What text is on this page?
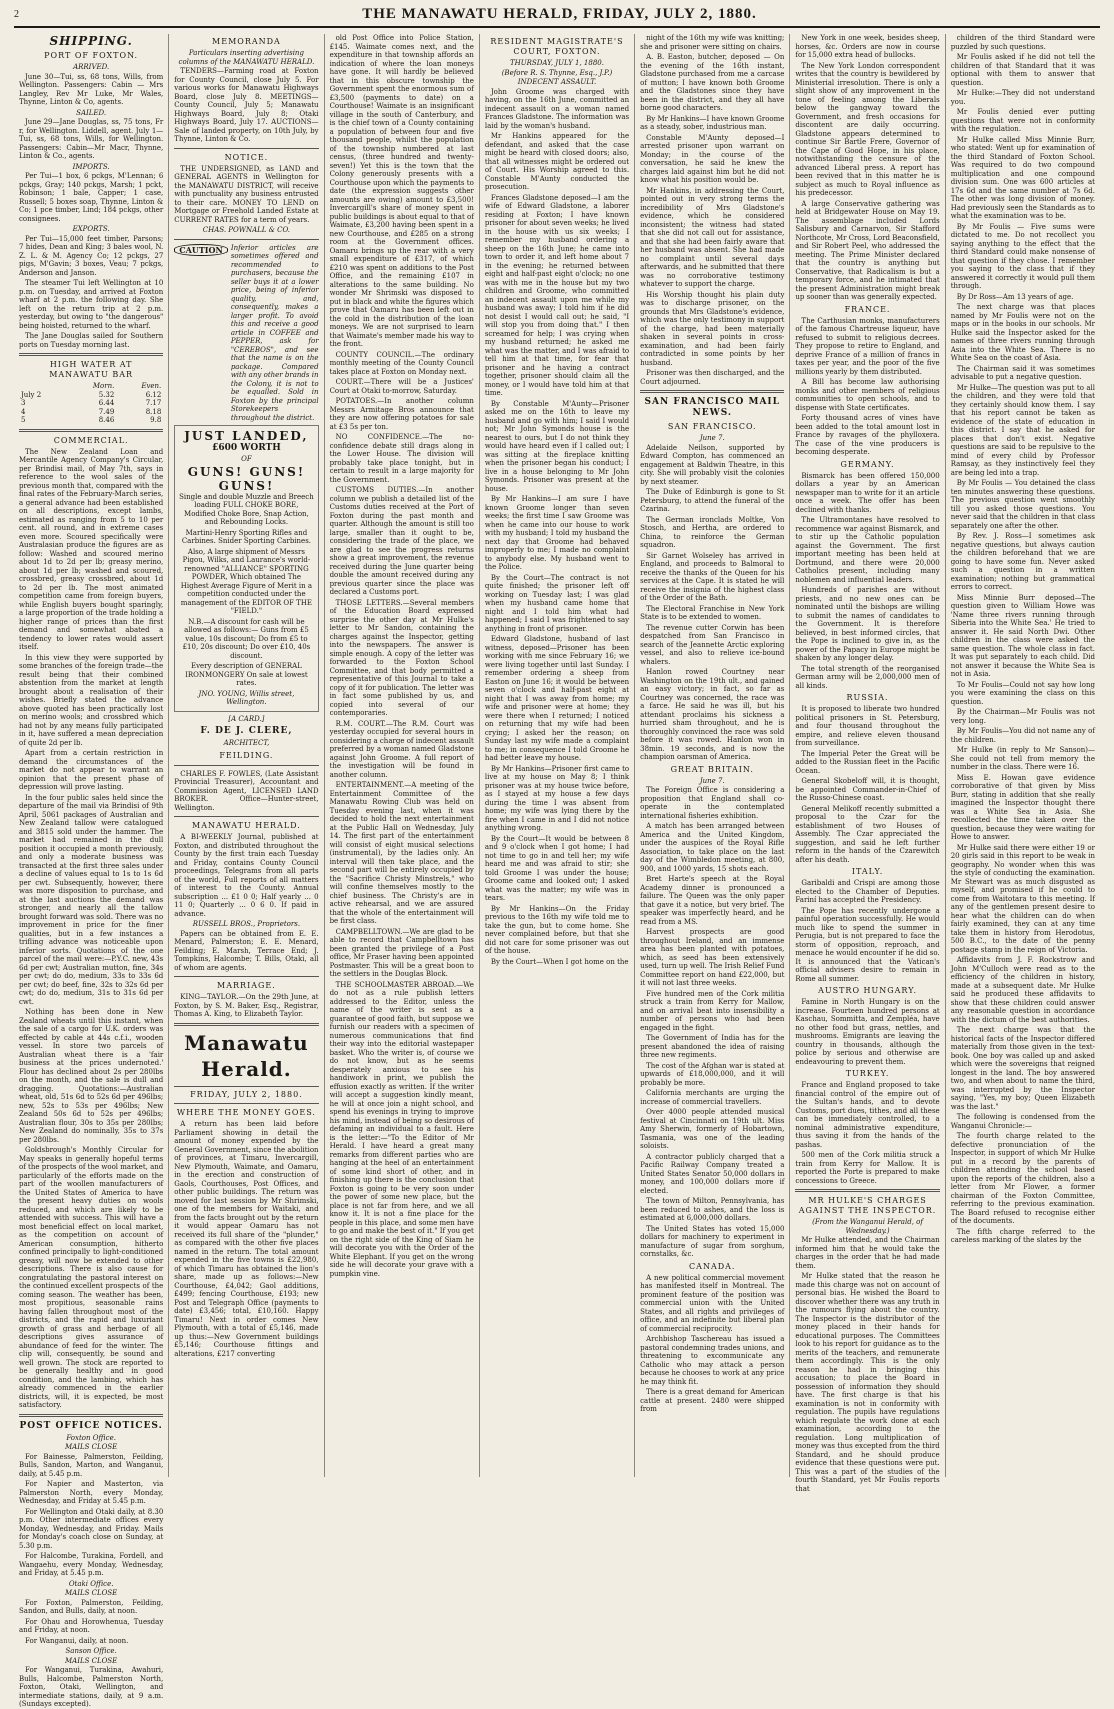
2	THE MANAWATU HERALD, FRIDAY, JULY 2, 1880.
SHIPPING.
PORT OF FOXTON.
ARRIVED.

June 30—Tui, ss, 68 tons, Wills, from Wellington. Passengers: Cabin — Mrs Langley, Rev Mr Luke, Mr Wales, Thynne, Linton & Co, agents.

SAILED.

June 29—Jane Douglas, ss, 75 tons, Fr r, for Wellington. Liddell, agent. July 1—Tui, ss, 68 tons, Wills, for Wellington. Passengers: Cabin—Mr Macr, Thynne, Linton & Co., agents.

IMPORTS.

Per Tui—1 box, 6 pckgs, M'Lennan; 6 pckgs, Gray; 140 pckgs, Marsh; 1 pckt, Robinson; 1 bale, Capper; 1 case, Russell; 5 boxes soap, Thynne, Linton & Co; 1 pce timber, Lind; 184 pckgs, other consignees.

EXPORTS.

Per Tui—15,000 feet timber, Parsons; 7 hides, Dean and King; 3 bales wool, N. Z. L. & M. Agency Co; 12 pckgs, 27 pigs, M'Gavin; 3 boxes, Veau; 7 pckgs, Anderson and Janson.

The steamer Tui left Wellington at 10 p.m. on Tuesday, and arrived at Foxton wharf at 2 p.m. the following day. She left on the return trip at 2 p.m. yesterday, but owing to "the dangerous" being hoisted, returned to the wharf.

The Jane Douglas sailed for Southern ports on Tuesday morning last.

HIGH WATER AT MANAWATU BAR
	Morn.	Even.
July 2	5.32	6.12
3	6.44	7.17
4	7.49	8.18
5	8.46	9.8
COMMERCIAL.

The New Zealand Loan and Mercantile Agency Company's Circular, per Brindisi mail, of May 7th, says in reference to the wool sales of the previous month that, compared with the final rates of the February-March series, a general advance had been established on all descriptions, except lambs, estimated as ranging from 5 to 10 per cent. all round, and in extreme cases even more. Scoured specifically were Australasian produce the figures are as follow: Washed and scoured merino about 1d to 2d per lb; greasy merino, about 1d per lb; washed and scoured, crossbred, greasy crossbred, about 1d to 2d per lb. The most animated competition came from foreign buyers, while English buyers bought sparingly, a large proportion of the trade holding a higher range of prices than the first demand and somewhat abated a tendency to lower rates would assert itself.

In this view they were supported by some branches of the foreign trade—the result being that their combined abstention from the market at length brought about a realisation of their wishes. Briefly stated the advance above quoted has been practically lost on merino wools; and crossbred which had not by any means fully participated in it, have suffered a mean depreciation of quite 2d per lb.

Apart from a certain restriction in demand the circumstances of the market do not appear to warrant an opinion that the present phase of depression will prove lasting.

In the four public sales held since the departure of the mail via Brindisi of 9th April, 5061 packages of Australian and New Zealand tallow were catalogued and 3815 sold under the hammer. The market had remained in the dull position it occupied a month previously, and only a moderate business was transacted at the first three sales under a decline of values equal to 1s to 1s 6d per cwt. Subsequently, however, there was more disposition to purchase, and at the last auctions the demand was stronger, and nearly all the tallow brought forward was sold. There was no improvement in price for the finer qualities, but in a few instances a trifling advance was noticeable upon inferior sorts. Quotations of the one parcel of the mail were:—P.Y.C. new, 43s 6d per cwt; Australian mutton, fine, 34s per cwt; do do, medium, 33s to 33s 6d per cwt; do beef, fine, 32s to 32s 6d per cwt; do do, medium, 31s to 31s 6d per cwt.

Nothing has been done in New Zealand wheats until this instant, when the sale of a cargo for U.K. orders was effected by cable at 44s c.f.i., wooden vessel. In store two parcels of Australian wheat there is a 'fair business at the prices undernoted.' Flour has declined about 2s per 280lbs on the month, and the sale is dull and dragging. Quotations:—Australian wheat, old, 51s 6d to 52s 6d per 496lbs; new, 52s to 53s per 496lbs; New Zealand 50s 6d to 52s per 496lbs; Australian flour, 30s to 35s per 280lbs; New Zealand do nominally, 35s to 37s per 280lbs.

Goldsbrough's Monthly Circular for May speaks in generally hopeful terms of the prospects of the wool market, and particularly of the efforts made on the part of the woollen manufacturers of the United States of America to have the present heavy duties on wools reduced, and which are likely to be attended with success. This will have a most beneficial effect on local market, as the competition on account of American consumption, hitherto confined principally to light-conditioned greasy, will now be extended to other descriptions. There is also cause for congratulating the pastoral interest on the continued excellent prospects of the coming season. The weather has been, most propitious, seasonable rains having fallen throughout most of the districts, and the rapid and luxuriant growth of grass and herbage of all descriptions gives assurance of abundance of feed for the winter. The clip will, consequently, be sound and well grown. The stock are reported to be generally healthy and in good condition, and the lambing, which has already commenced in the earlier districts, will, it is expected, be most satisfactory.

POST OFFICE NOTICES.
Foxton Office.
MAILS CLOSE

For Bainesse, Palmerston, Feilding, Bulls, Sandon, Marton, and Wanganui, daily, at 5.45 p.m.

For Napier and Masterton, via Palmerston North, every Monday, Wednesday, and Friday at 5.45 p.m.

For Wellington and Otaki daily, at 8.30 p.m. Other intermediate offices every Monday, Wednesday, and Friday. Mails for Monday's coach close on Sunday, at 5.30 p.m.

For Halcombe, Turakina, Fordell, and Wangaehu, every Monday, Wednesday, and Friday, at 5.45 p.m.

Otaki Office.
MAILS CLOSE

For Foxton, Palmerston, Feilding, Sandon, and Bulls, daily, at noon.

For Ohau and Horowhenua, Tuesday and Friday, at noon.

For Wanganui, daily, at noon.

Sanson Office.
MAILS CLOSE

For Wanganui, Turakina, Awahuri, Bulls, Halcombe, Palmerston North, Foxton, Otaki, Wellington, and intermediate stations, daily, at 9 a.m. (Sundays excepted).

MEMORANDA
Particulars inserting advertising columns of the MANAWATU HERALD.

TENDERS—Farming road at Foxton for County Council, close July 5. For various works for Manawatu Highways Board, close July 8. MEETINGS—County Council, July 5; Manawatu Highways Board, July 8; Otaki Highways Board, July 17. AUCTIONS—Sale of landed property, on 10th July, by Thynne, Linton & Co.

NOTICE.

THE UNDERSIGNED, as LAND and GENERAL AGENTS in Wellington for the MANAWATU DISTRICT, will receive with punctuality any business entrusted to their care. MONEY TO LEND on Mortgage or Freehold Landed Estate at CURRENT RATES for a term of years.

CHAS. POWNALL & CO.
CAUTION	Inferior articles are sometimes offered and recommended to purchasers, because the seller buys it at a lower price, being of inferior quality, and, consequently, makes a larger profit. To avoid this and receive a good article in COFFEE and PEPPER, ask for "CEREBOS", and see that the name is on the package. Compared with any other brands in the Colony, it is not to be equalled. Sold in Foxton by the principal Storekeepers throughout the district.
JUST LANDED,
£600 WORTH
OF
GUNS! GUNS! GUNS!

Single and double Muzzle and Breech loading FULL CHOKE BORE, Modified Choke Bore, Snap Action, and Rebounding Locks.

Martini-Henry Sporting Rifles and Carbines. Snider Sporting Carbines.

Also, A large shipment of Messrs Pigou, Wilks, and Laurance's world-renowned "ALLIANCE" SPORTING POWDER, Which obtained The Highest Average Figure of Merit in a competition conducted under the management of the EDITOR OF THE "FIELD."

N.B.—A discount for cash will be allowed as follows:— Guns from £5 value, 10s discount; Do from £5 to £10, 20s discount; Do over £10, 40s discount.

Every description of GENERAL IRONMONGERY On sale at lowest rates.

JNO. YOUNG, Willis street, Wellington.
[A CARD.]
F. DE J. CLERE,
ARCHITECT,
FEILDING.

CHARLES F. FOWLES, (Late Assistant Provincial Treasurer), Accountant and Commission Agent, LICENSED LAND BROKER. Office—Hunter-street, Wellington.

MANAWATU HERALD.

A BI-WEEKLY Journal, published at Foxton, and distributed throughout the County by the first train each Tuesday and Friday, contains County Council proceedings, Telegrams from all parts of the world, Full reports of all matters of interest to the County. Annual subscription ... £1 0 0; Half yearly ... 0 11 0; Quarterly ... 0 6 0. If paid in advance.

RUSSELL BROS., Proprietors.

Papers can be obtained from E. E. Menard, Palmerston; E. E. Menard, Feilding; E. Marsh, Terrace End; J. Tompkins, Halcombe; T. Bills, Otaki, all of whom are agents.

MARRIAGE.

KING—TAYLOR.—On the 29th June, at Foxton, by S. M. Baker, Esq., Registrar, Thomas A. King, to Elizabeth Taylor.

Manawatu Herald.
FRIDAY, JULY 2, 1880.
WHERE THE MONEY GOES.

A return has been laid before Parliament showing in detail the amount of money expended by the General Government, since the abolition of provinces, at Timaru, Invercargill, New Plymouth, Waimate, and Oamaru, in the erection and construction of Gaols, Courthouses, Post Offices, and other public buildings. The return was moved for last session by Mr Shrimski, one of the members for Waitaki, and from the facts brought out by the return it would appear Oamaru has not received its full share of the "plunder," as compared with the other five places named in the return. The total amount expended in the five towns is £22,980, of which Timaru has obtained the lion's share, made up as follows:—New Courthouse, £4,042; Gaol additions, £499; fencing Courthouse, £193; new Post and Telegraph Office (payments to date) £3,456; total, £10,160. Happy Timaru! Next in order comes New Plymouth, with a total of £5,146, made up thus:—New Government buildings £5,146; Courthouse fittings and alterations, £217 converting

old Post Office into Police Station, £145. Waimate comes next, and the expenditure in that township affords an indication of where the loan moneys have gone. It will hardly be believed that in this obscure township the Government spent the enormous sum of £3,500 (payments to date) on a Courthouse! Waimate is an insignificant village in the south of Canterbury, and is the chief town of a County containing a population of between four and five thousand people, whilst the population of the township numbered at last census, (three hundred and twenty-seven!) Yet this is the town that the Colony generously presents with a Courthouse upon which the payments to date (the expression suggests other amounts are owing) amount to £3,500! Invercargill's share of money spent in public buildings is about equal to that of Waimate, £3,200 having been spent in a new Courthouse, and £285 on a strong room at the Government offices. Oamaru brings up the rear with a very small expenditure of £317, of which £210 was spent on additions to the Post Office, and the remaining £107 in alterations to the same building. No wonder Mr Shrimski was disposed to put in black and white the figures which prove that Oamaru has been left out in the cold in the distribution of the loan moneys. We are not surprised to learn that Waimate's member made his way to the front.

COUNTY COUNCIL.—The ordinary monthly meeting of the County Council takes place at Foxton on Monday next.

COURT.—There will be a Justices' Court at Otaki to-morrow, Saturday.

POTATOES.—In another column Messrs Armitage Bros announce that they are now offering potatoes for sale at £3 5s per ton.

NO CONFIDENCE.—The no-confidence debate still drags along in the Lower House. The division will probably take place tonight, but in certain to result in a large majority for the Government.

CUSTOMS DUTIES.—In another column we publish a detailed list of the Customs duties received at the Port of Foxton during the past month and quarter. Although the amount is still too large, smaller than it ought to be, considering the trade of the place, we are glad to see the progress returns show a great improvement, the revenue received during the June quarter being double the amount received during any previous quarter since the place was declared a Customs port.

THOSE LETTERS.—Several members of the Education Board expressed surprise the other day at Mr Hulke's letter to Mr Sandon, containing the charges against the Inspector, getting into the newspapers. The answer is simple enough. A copy of the letter was forwarded to the Foxton School Committee, and that body permitted a representative of this Journal to take a copy of it for publication. The letter was in fact some published by us, and copied into several of our contemporaries.

R.M. COURT.—The R.M. Court was yesterday occupied for several hours in considering a charge of indecent assault preferred by a woman named Gladstone against John Groome. A full report of the investigation will be found in another column.

ENTERTAINMENT.—A meeting of the Entertainment Committee of the Manawatu Rowing Club was held on Tuesday evening last, when it was decided to hold the next entertainment at the Public Hall on Wednesday, July 14. The first part of the entertainment will consist of eight musical selections (instrumental), by the ladies only. An interval will then take place, and the second part will be entirely occupied by the "Sacrifice Christy Minstrels," who will confine themselves mostly to the chief business. The Christy's are in active rehearsal, and we are assured that the whole of the entertainment will be first class.

CAMPBELLTOWN.—We are glad to be able to record that Campbelltown has been granted the privilege of a Post office, Mr Fraser having been appointed Postmaster. This will be a great boon to the settlers in the Douglas Block.

THE SCHOOLMASTER ABROAD.—We do not as a rule publish letters addressed to the Editor, unless the name of the writer is sent as a guarantee of good faith, but suppose we furnish our readers with a specimen of numerous communications that find their way into the editorial wastepaper basket. Who the writer is, of course we do not know, but as he seems desperately anxious to see his handiwork in print, we publish the effusion exactly as written. If the writer will accept a suggestion kindly meant, he will at once join a night school, and spend his evenings in trying to improve his mind, instead of being so desirous of defaming an individual to a fault. Here is the letter:—"To the Editor of Mr Herald. I have heard a great many remarks from different parties who are hanging at the heel of an entertainment of some kind short of other, and in finishing up there is the conclusion that Foxton is going to be very soon under the power of some new place, but the place is not far from here, and we all know it. It is not a fine place for the people in this place, and some men have to go and make the best of it." If you get on the right side of the King of Siam he will decorate you with the Order of the White Elephant. If you get on the wrong side he will decorate your grave with a pumpkin vine.

RESIDENT MAGISTRATE'S COURT, FOXTON.
THURSDAY, JULY 1, 1880.
(Before R. S. Thynne, Esq., J.P.)
INDECENT ASSAULT.

John Groome was charged with having, on the 16th June, committed an indecent assault on a woman named Frances Gladstone. The information was laid by the woman's husband.

Mr Hankins appeared for the defendant, and asked that the case might be heard with closed doors; also, that all witnesses might be ordered out of Court. His Worship agreed to this. Constable M'Aunty conducted the prosecution.

Frances Gladstone deposed—I am the wife of Edward Gladstone, a laborer residing at Foxton; I have known prisoner for about seven weeks; he lived in the house with us six weeks; I remember my husband ordering a sheep on the 16th June; he came into town to order it, and left home about 7 in the evening; he returned between eight and half-past eight o'clock; no one was with me in the house but my two children and Groome, who committed an indecent assault upon me while my husband was away; I told him if he did not desist I would call out; he said, "I will stop you from doing that." I then screamed for help; I was crying when my husband returned; he asked me what was the matter, and I was afraid to tell him at that time, for fear that prisoner and he having a contract together, prisoner should claim all the money, or I would have told him at that time.

By Constable M'Aunty—Prisoner asked me on the 16th to leave my husband and go with him; I said I would not; Mr John Symonds house is the nearest to ours, but I do not think they would have heard even if I called out; I was sitting at the fireplace knitting when the prisoner began his conduct; I live in a house belonging to Mr John Symonds. Prisoner was present at the house.

By Mr Hankins—I am sure I have known Groome longer than seven weeks; the first time I saw Groome was when he came into our house to work with my husband; I told my husband the next day that Groome had behaved improperly to me; I made no complaint to anybody else. My husband went to the Police.

By the Court—The contract is not quite finished; the prisoner left off working on Tuesday last; I was glad when my husband came home that night and I told him what had happened; I said I was frightened to say anything in front of prisoner.

Edward Gladstone, husband of last witness, deposed—Prisoner has been working with me since February 16; we were living together until last Sunday. I remember ordering a sheep from Easton on June 16; it would be between seven o'clock and half-past eight at night that I was away from home; my wife and prisoner were at home; they were there when I returned; I noticed on returning that my wife had been crying; I asked her the reason; on Sunday last my wife made a complaint to me; in consequence I told Groome he had better leave my house.

By Mr Hankins—Prisoner first came to live at my house on May 8; I think prisoner was at my house twice before, as I stayed at my house a few days during the time I was absent from home; my wife was lying there by the fire when I came in and I did not notice anything wrong.

By the Court—It would be between 8 and 9 o'clock when I got home; I had not time to go in and tell her; my wife heard me and was afraid to stir; she told Groome I was under the house; Groome came and looked out; I asked what was the matter; my wife was in tears.

By Mr Hankins—On the Friday previous to the 16th my wife told me to take the gun, but to come home. She never complained before, but that she did not care for some prisoner was out of the house.

By the Court—When I got home on the

night of the 16th my wife was knitting; she and prisoner were sitting on chairs.

A. B. Easton, butcher, deposed — On the evening of the 16th instant, Gladstone purchased from me a carcase of mutton; I have known both Groome and the Gladstones since they have been in the district, and they all have borne good characters.

By Mr Hankins—I have known Groome as a steady, sober, industrious man.

Constable M'Aunty deposed—I arrested prisoner upon warrant on Monday; in the course of the conversation, he said he knew the charges laid against him but he did not know what his position would be.

Mr Hankins, in addressing the Court, pointed out in very strong terms the incredibility of Mrs Gladstone's evidence, which he considered inconsistent; the witness had stated that she did not call out for assistance, and that she had been fairly aware that her husband was absent. She had made no complaint until several days afterwards, and he submitted that there was no corroborative testimony whatever to support the charge.

His Worship thought his plain duty was to discharge prisoner, on the grounds that Mrs Gladstone's evidence, which was the only testimony in support of the charge, had been materially shaken in several points in cross-examination, and had been fairly contradicted in some points by her husband.

Prisoner was then discharged, and the Court adjourned.

SAN FRANCISCO MAIL NEWS.
SAN FRANCISCO.
June 7.

Adelaide Neilson, supported by Edward Compton, has commenced an engagement at Baldwin Theatre, in this city. She will probably visit the colonies by next steamer.

The Duke of Edinburgh is gone to St Petersburg, to attend the funeral of the Czarina.

The German ironclads Moltke, Von Stosch, and Hertha, are ordered to China, to reinforce the German squadron.

Sir Garnet Wolseley has arrived in England, and proceeds to Balmoral to receive the thanks of the Queen for his services at the Cape. It is stated he will receive the insignia of the highest class of the Order of the Bath.

The Electoral Franchise in New York State is to be extended to women.

The revenue cutter Corwin has been despatched from San Francisco in search of the Jeannette Arctic exploring vessel, and also to relieve ice-bound whalers.

Hanlon rowed Courtney near Washington on the 19th ult., and gained an easy victory; in fact, so far as Courtney was concerned, the race was a farce. He said he was ill, but his attendant proclaims his sickness a hurried sham throughout, and he is thoroughly convinced the race was sold before it was rowed. Hanlon won in 38min. 19 seconds, and is now the champion oarsman of America.

GREAT BRITAIN.
June 7.

The Foreign Office is considering a proposition that England shall co-operate in the contemplated international fisheries exhibition.

A match has been arranged between America and the United Kingdom, under the auspices of the Royal Rifle Association, to take place on the last day of the Wimbledon meeting, at 800, 900, and 1000 yards, 15 shots each.

Bret Harte's speech at the Royal Academy dinner is pronounced a failure. The Queen was the only paper that gave it a notice, but very brief. The speaker was imperfectly heard, and he read from a MS.

Harvest prospects are good throughout Ireland, and an immense area has been planted with potatoes, which, as seed has been extensively used, turn up well. The Irish Relief Fund Committee report on hand £22,000, but it will not last three weeks.

Five hundred men of the Cork militia struck a train from Kerry for Mallow, and on arrival beat into insensibility a number of persons who had been engaged in the fight.

The Government of India has for the present abandoned the idea of raising three new regiments.

The cost of the Afghan war is stated at upwards of £18,000,000, and it will probably be more.

California merchants are urging the increase of commercial travellers.

Over 4000 people attended musical festival at Cincinnati on 19th ult. Miss Amy Sherwin, formerly of Hobartown, Tasmania, was one of the leading soloists.

A contractor publicly charged that a Pacific Railway Company treated a United States Senator 50,000 dollars in money, and 100,000 dollars more if elected.

The town of Milton, Pennsylvania, has been reduced to ashes, and the loss is estimated at 6,000,000 dollars.

The United States has voted 15,000 dollars for machinery to experiment in manufacture of sugar from sorghum, cornstalks, &c.

CANADA.

A new political commercial movement has manifested itself in Montreal. The prominent feature of the position was commercial union with the United States, and all rights and privileges of office, and an indefinite but liberal plan of commercial reciprocity.

Archbishop Taschereau has issued a pastoral condemning trades unions, and threatening to excommunicate any Catholic who may attack a person because he chooses to work at any price he may think fit.

There is a great demand for American cattle at present. 2480 were shipped from

New York in one week, besides sheep, horses, &c. Orders are now in course for 15,000 extra head of bullocks.

The New York London correspondent writes that the country is bewildered by Ministerial irresolution. There is only a slight show of any improvement in the tone of feeling among the Liberals below the gangway toward the Government, and fresh occasions for discontent are daily occurring. Gladstone appears determined to continue Sir Bartle Frere, Governor of the Cape of Good Hope, in his place, notwithstanding the censure of the advanced Liberal press. A report has been revived that in this matter he is subject as much to Royal influence as his predecessor.

A large Conservative gathering was held at Bridgewater House on May 19. The assemblage included Lords Salisbury and Carnarvon, Sir Stafford Northcote, Mr Cross, Lord Beaconsfield, and Sir Robert Peel, who addressed the meeting. The Prime Minister declared that the country is anything but Conservative, that Radicalism is but a temporary force, and he intimated that the present Administration might break up sooner than was generally expected.

FRANCE.

The Carthusian monks, manufacturers of the famous Chartreuse liqueur, have refused to submit to religious decrees. They propose to retire to England, and deprive France of a million of francs in taxes per year, and the poor of the five millions yearly by them distributed.

A Bill has become law authorising monks and other members of religious communities to open schools, and to dispense with State certificates.

Forty thousand acres of vines have been added to the total amount lost in France by ravages of the phylloxera. The case of the vine producers is becoming desperate.

GERMANY.

Bismarck has been offered 150,000 dollars a year by an American newspaper man to write for it an article once a week. The offer has been declined with thanks.

The Ultramontanes have resolved to recommence war against Bismarck, and to stir up the Catholic population against the Government. The first important meeting has been held at Dortmund, and there were 20,000 Catholics present, including many noblemen and influential leaders.

Hundreds of parishes are without priests, and no new ones can be nominated until the bishops are willing to submit the names of candidates to the Government. It is therefore believed, in best informed circles, that the Pope is inclined to give in, as the power of the Papacy in Europe might be shaken by any longer delay.

The total strength of the reorganised German army will be 2,000,000 men of all kinds.

RUSSIA.

It is proposed to liberate two hundred political prisoners in St. Petersburg, and four thousand throughout the empire, and relieve eleven thousand from surveillance.

The Imperial Peter the Great will be added to the Russian fleet in the Pacific Ocean.

General Skobeloff will, it is thought, be appointed Commander-in-Chief of the Russo-Chinese coast.

General Melikoff recently submitted a proposal to the Czar for the establishment of two Houses of Assembly. The Czar appreciated the suggestion, and said he left further reform in the hands of the Czarewitch after his death.

ITALY.

Garibaldi and Crispi are among those elected to the Chamber of Deputies. Fariní has accepted the Presidency.

The Pope has recently undergone a painful operation successfully. He would much like to spend the summer in Perugia, but is not prepared to face the storm of opposition, reproach, and menace he would encounter if he did so. It is announced that the Vatican's official advisers desire to remain in Rome all summer.

AUSTRO HUNGARY.

Famine in North Hungary is on the increase. Fourteen hundred persons at Kaschau, Sommitta, and Zempléa, have no other food but grass, nettles, and mushrooms. Emigrants are leaving the country in thousands, although the police by serious and otherwise are endeavouring to prevent them.

TURKEY.

France and England proposed to take financial control of the empire out of the Sultan's hands, and to devote Customs, port dues, tithes, and all these can be immediately controlled, to a nominal administrative expenditure, thus saving it from the hands of the pashas.

500 men of the Cork militia struck a train from Kerry for Mallow. It is reported the Porte is prepared to make concessions to Greece.

MR HULKE'S CHARGES AGAINST THE INSPECTOR.
(From the Wanganui Herald, of Wednesday.)

Mr Hulke attended, and the Chairman informed him that he would take the charges in the order that he had made them.

Mr Hulke stated that the reason he made this charge was not on account of personal bias. He wished the Board to discover whether there was any truth in the rumours flying about the country. The Inspector is the distributor of the money placed in their hands for educational purposes. The Committees look to his report for guidance as to the merits of the teachers, and remunerate them accordingly. This is the only reason he had in bringing this accusation; to place the Board in possession of information they should have. The first charge is that his examination is not in conformity with regulation. The pupils have regulations which regulate the work done at each examination, according to the regulation. Long multiplication of money was thus excepted from the third Standard, and he should produce evidence that these questions were put. This was a part of the studies of the fourth Standard, yet Mr Foulis reports that

children of the third Standard were puzzled by such questions.

Mr Foulis asked if he did not tell the children of that Standard that it was optional with them to answer that question.

Mr Hulke:—They did not understand you.

Mr Foulis denied ever putting questions that were not in conformity with the regulation.

Mr Hulke called Miss Minnie Burr, who stated: Went up for examination of the third Standard of Foxton School. Was required to do two compound multiplication and one compound division sum. One was 600 articles at 17s 6d and the same number at 7s 6d. The other was long division of money. Had previously seen the Standards as to what the examination was to be.

By Mr Foulis — Five sums were dictated to me. Do not recollect you saying anything to the effect that the third Standard could make nonsense of that question if they chose. I remember you saying to the class that if they answered it correctly it would pull them through.

By Dr Ross—Am 13 years of age.

The next charge was that places named by Mr Foulis were not on the maps or in the books in our schools. Mr Hulke said the Inspector asked for the names of three rivers running through Asia into the White Sea. There is no White Sea on the coast of Asia.

The Chairman said it was sometimes advisable to put a negative question.

Mr Hulke—The question was put to all the children, and they were told that they certainly should know them. I say that his report cannot be taken as evidence of the state of education in this district. I say that he asked for places that don't exist. Negative questions are said to be repulsive to the mind of every child by Professor Ramsay, as they instinctively feel they are being led into a trap.

By Mr Foulis — You detained the class ten minutes answering these questions. The previous question went smoothly till you asked those questions. You never said that the children in that class separately one after the other.

By Rev. J. Ross—I sometimes ask negative questions, but always caution the children beforehand that we are going to have some fun. Never asked such a question in a written examination; nothing but grammatical errors to correct.

Miss Minnie Burr deposed—The question given to William Howe was 'Name three rivers running through Siberia into the White Sea.' He tried to answer it. He said North Dwi. Other children in the class were asked the same question. The whole class in fact. It was put separately to each child. Did not answer it because the White Sea is not in Asia.

To Mr Foulis—Could not say how long you were examining the class on this question.

By the Chairman—Mr Foulis was not very long.

By Mr Foulis—You did not name any of the children.

Mr Hulke (in reply to Mr Sanson)—She could not tell from memory the number in the class. There were 16.

Miss E. Howan gave evidence corroborative of that given by Miss Burr, stating in addition that she really imagined the Inspector thought there was a White Sea in Asia. She recollected the time taken over the question, because they were waiting for Howe to answer.

Mr Hulke said there were either 19 or 20 girls said in this report to be weak in geography. No wonder when this was the style of conducting the examination. Mr Stewart was as much disgusted as myself, and promised if he could to come from Waitotara to this meeting. If any of the gentlemen present desire to hear what the children can do when fairly examined, they can at any time take them in history from Herodotus, 500 B.C., to the date of the penny postage stamp in the reign of Victoria.

Affidavits from J. F. Rockstrow and John M'Culloch were read as to the efficiency of the children in history, made at a subsequent date. Mr Hulke said he produced these affidavits to show that these children could answer any reasonable question in accordance with the dictum of the best authorities.

The next charge was that the historical facts of the Inspector differed materially from those given in the text-book. One boy was called up and asked which were the sovereigns that reigned longest in the land. The boy answered two, and when about to name the third, was interrupted by the Inspector saying, "Yes, my boy; Queen Elizabeth was the last."

The following is condensed from the Wanganui Chronicle:—

The fourth charge related to the defective pronunciation of the Inspector, in support of which Mr Hulke put in a record by the parents of children attending the school based upon the reports of the children, also a letter from Mr Flower, a former chairman of the Foxton Committee, referring to the previous examination. The Board refused to recognise either of the documents.

The fifth charge referred to the careless marking of the slates by the
